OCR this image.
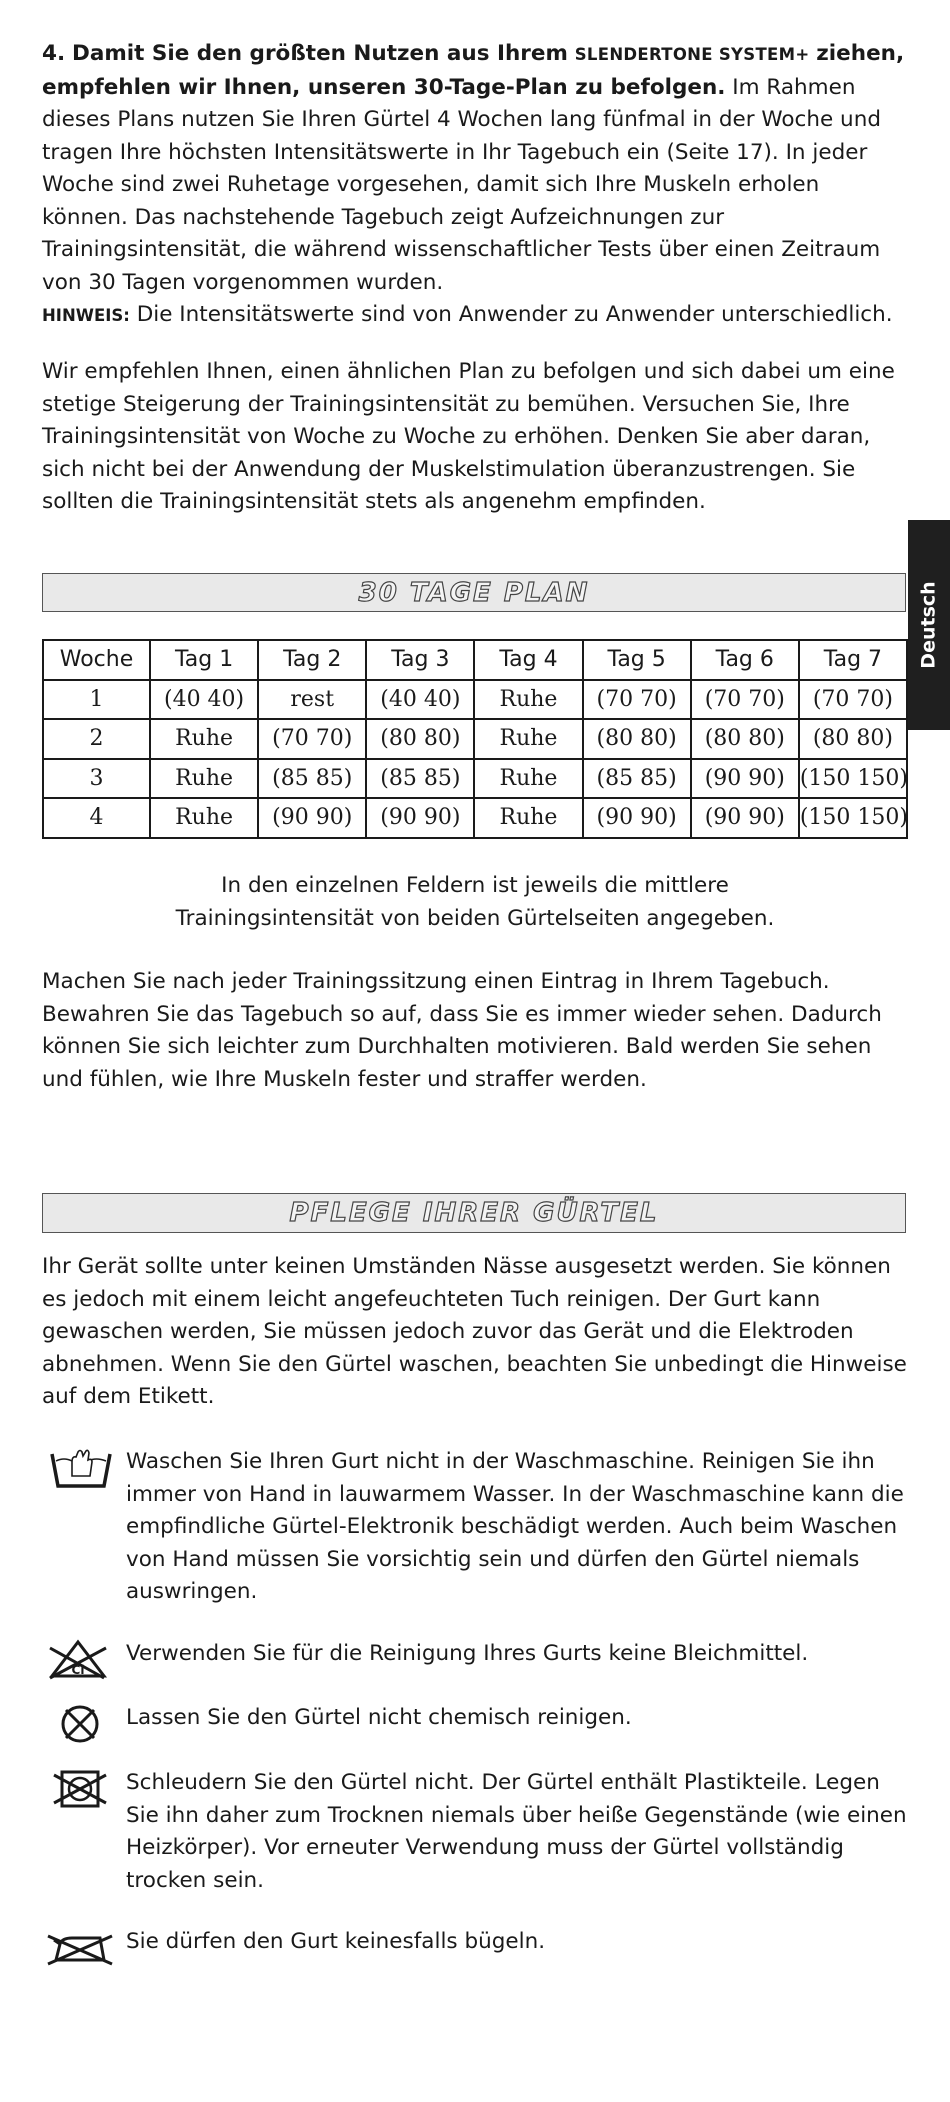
Deutsch

4. Damit Sie den größten Nutzen aus Ihrem SLENDERTONE SYSTEM+ ziehen, empfehlen wir Ihnen, unseren 30-Tage-Plan zu befolgen. Im Rahmen dieses Plans nutzen Sie Ihren Gürtel 4 Wochen lang fünfmal in der Woche und tragen Ihre höchsten Intensitätswerte in Ihr Tagebuch ein (Seite 17). In jeder Woche sind zwei Ruhetage vorgesehen, damit sich Ihre Muskeln erholen können. Das nachstehende Tagebuch zeigt Aufzeichnungen zur Trainingsintensität, die während wissenschaftlicher Tests über einen Zeitraum von 30 Tagen vorgenommen wurden.

HINWEIS: Die Intensitätswerte sind von Anwender zu Anwender unterschiedlich.

Wir empfehlen Ihnen, einen ähnlichen Plan zu befolgen und sich dabei um eine stetige Steigerung der Trainingsintensität zu bemühen. Versuchen Sie, Ihre Trainingsintensität von Woche zu Woche zu erhöhen. Denken Sie aber daran, sich nicht bei der Anwendung der Muskelstimulation überanzustrengen. Sie sollten die Trainingsintensität stets als angenehm empfinden.

30 TAGE PLAN
Woche	Tag 1	Tag 2	Tag 3	Tag 4	Tag 5	Tag 6	Tag 7
1	(40 40)	rest	(40 40)	Ruhe	(70 70)	(70 70)	(70 70)
2	Ruhe	(70 70)	(80 80)	Ruhe	(80 80)	(80 80)	(80 80)
3	Ruhe	(85 85)	(85 85)	Ruhe	(85 85)	(90 90)	(150 150)
4	Ruhe	(90 90)	(90 90)	Ruhe	(90 90)	(90 90)	(150 150)
In den einzelnen Feldern ist jeweils die mittlere
Trainingsintensität von beiden Gürtelseiten angegeben.

Machen Sie nach jeder Trainingssitzung einen Eintrag in Ihrem Tagebuch. Bewahren Sie das Tagebuch so auf, dass Sie es immer wieder sehen. Dadurch können Sie sich leichter zum Durchhalten motivieren. Bald werden Sie sehen und fühlen, wie Ihre Muskeln fester und straffer werden.

PFLEGE IHRER GÜRTEL

Ihr Gerät sollte unter keinen Umständen Nässe ausgesetzt werden. Sie können es jedoch mit einem leicht angefeuchteten Tuch reinigen. Der Gurt kann gewaschen werden, Sie müssen jedoch zuvor das Gerät und die Elektroden abnehmen. Wenn Sie den Gürtel waschen, beachten Sie unbedingt die Hinweise auf dem Etikett.

Waschen Sie Ihren Gurt nicht in der Waschmaschine. Reinigen Sie ihn immer von Hand in lauwarmem Wasser. In der Waschmaschine kann die empfindliche Gürtel-Elektronik beschädigt werden. Auch beim Waschen von Hand müssen Sie vorsichtig sein und dürfen den Gürtel niemals auswringen.

Cl

Verwenden Sie für die Reinigung Ihres Gurts keine Bleichmittel.

Lassen Sie den Gürtel nicht chemisch reinigen.

Schleudern Sie den Gürtel nicht. Der Gürtel enthält Plastikteile. Legen Sie ihn daher zum Trocknen niemals über heiße Gegenstände (wie einen Heizkörper). Vor erneuter Verwendung muss der Gürtel vollständig trocken sein.

Sie dürfen den Gurt keinesfalls bügeln.
